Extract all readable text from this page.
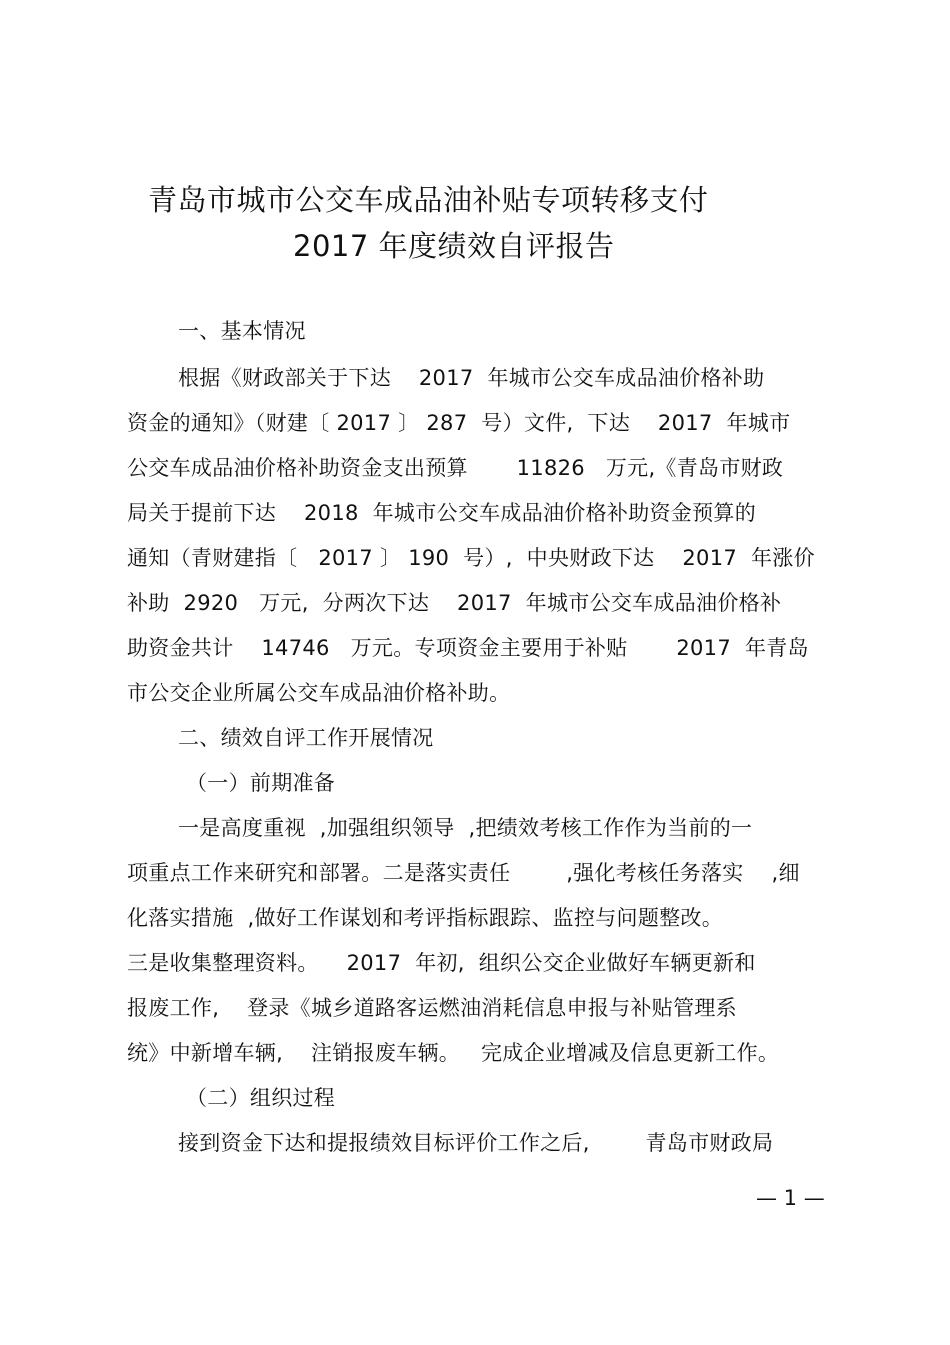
青岛市城市公交车成品油补贴专项转移支付
2017 年度绩效自评报告
一、基本情况
根据《财政部关于下达    2017  年城市公交车成品油价格补助
资金的通知》（财建〔 2017 〕 287  号）文件,  下达    2017  年城市
公交车成品油价格补助资金支出预算       11826   万元,《青岛市财政
局关于提前下达    2018  年城市公交车成品油价格补助资金预算的
通知（青财建指〔   2017 〕 190  号）,  中央财政下达    2017  年涨价
补助  2920   万元,  分两次下达    2017  年城市公交车成品油价格补
助资金共计    14746   万元。专项资金主要用于补贴       2017  年青岛
市公交企业所属公交车成品油价格补助。
二、绩效自评工作开展情况
（一）前期准备
一是高度重视  ,加强组织领导  ,把绩效考核工作作为当前的一
项重点工作来研究和部署。二是落实责任        ,强化考核任务落实    ,细
化落实措施  ,做好工作谋划和考评指标跟踪、监控与问题整改。
三是收集整理资料。    2017  年初,  组织公交企业做好车辆更新和
报废工作,    登录《城乡道路客运燃油消耗信息申报与补贴管理系
统》中新增车辆,    注销报废车辆。   完成企业增减及信息更新工作。
（二）组织过程
接到资金下达和提报绩效目标评价工作之后,        青岛市财政局
— 1 —
